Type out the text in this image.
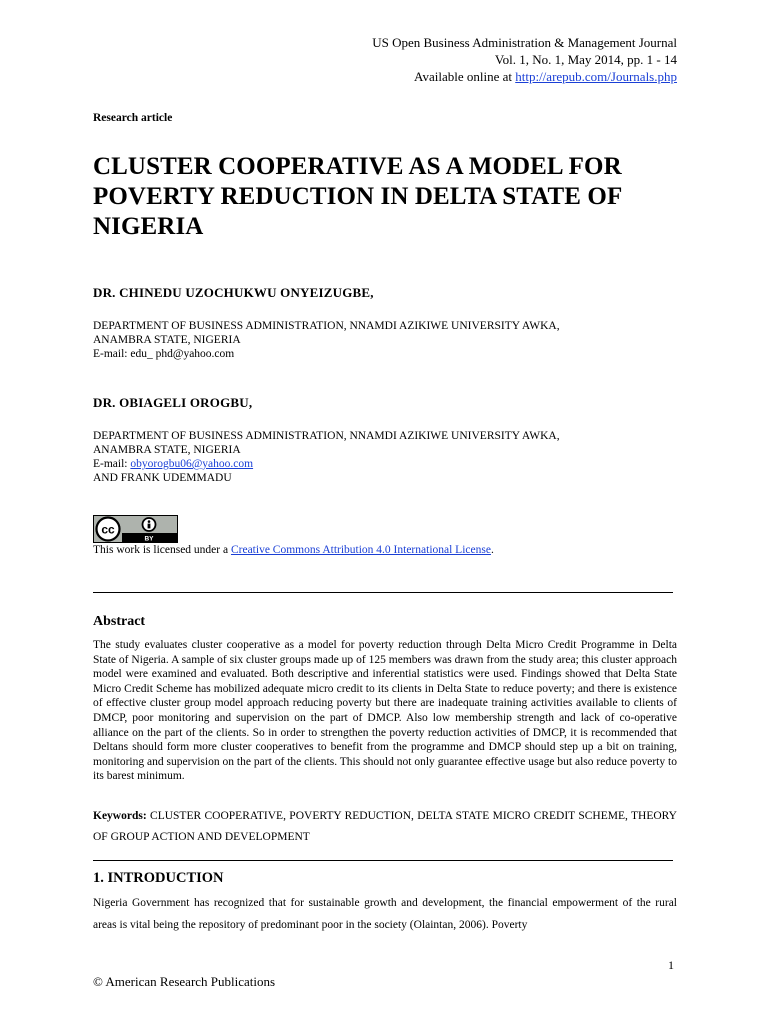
US Open Business Administration & Management Journal
Vol. 1, No. 1, May 2014, pp. 1 - 14
Available online at http://arepub.com/Journals.php
Research article
CLUSTER COOPERATIVE AS A MODEL FOR POVERTY REDUCTION IN DELTA STATE OF NIGERIA
DR. CHINEDU UZOCHUKWU ONYEIZUGBE,
DEPARTMENT OF BUSINESS ADMINISTRATION, NNAMDI AZIKIWE UNIVERSITY AWKA,
ANAMBRA STATE, NIGERIA
E-mail: edu_ phd@yahoo.com
DR. OBIAGELI OROGBU,
DEPARTMENT OF BUSINESS ADMINISTRATION, NNAMDI AZIKIWE UNIVERSITY AWKA,
ANAMBRA STATE, NIGERIA
E-mail: obyorogbu06@yahoo.com
AND FRANK UDEMMADU
cc
BY
This work is licensed under a Creative Commons Attribution 4.0 International License.
Abstract
The study evaluates cluster cooperative as a model for poverty reduction through Delta Micro Credit Programme in Delta State of Nigeria. A sample of six cluster groups made up of 125 members was drawn from the study area; this cluster approach model were examined and evaluated. Both descriptive and inferential statistics were used. Findings showed that Delta State Micro Credit Scheme has mobilized adequate micro credit to its clients in Delta State to reduce poverty; and there is existence of effective cluster group model approach reducing poverty but there are inadequate training activities available to clients of DMCP, poor monitoring and supervision on the part of DMCP. Also low membership strength and lack of co-operative alliance on the part of the clients. So in order to strengthen the poverty reduction activities of DMCP, it is recommended that Deltans should form more cluster cooperatives to benefit from the programme and DMCP should step up a bit on training, monitoring and supervision on the part of the clients. This should not only guarantee effective usage but also reduce poverty to its barest minimum.
Keywords: CLUSTER COOPERATIVE, POVERTY REDUCTION, DELTA STATE MICRO CREDIT SCHEME, THEORY OF GROUP ACTION AND DEVELOPMENT
1. INTRODUCTION
Nigeria Government has recognized that for sustainable growth and development, the financial empowerment of the rural areas is vital being the repository of predominant poor in the society (Olaintan, 2006). Poverty
1
© American Research Publications
